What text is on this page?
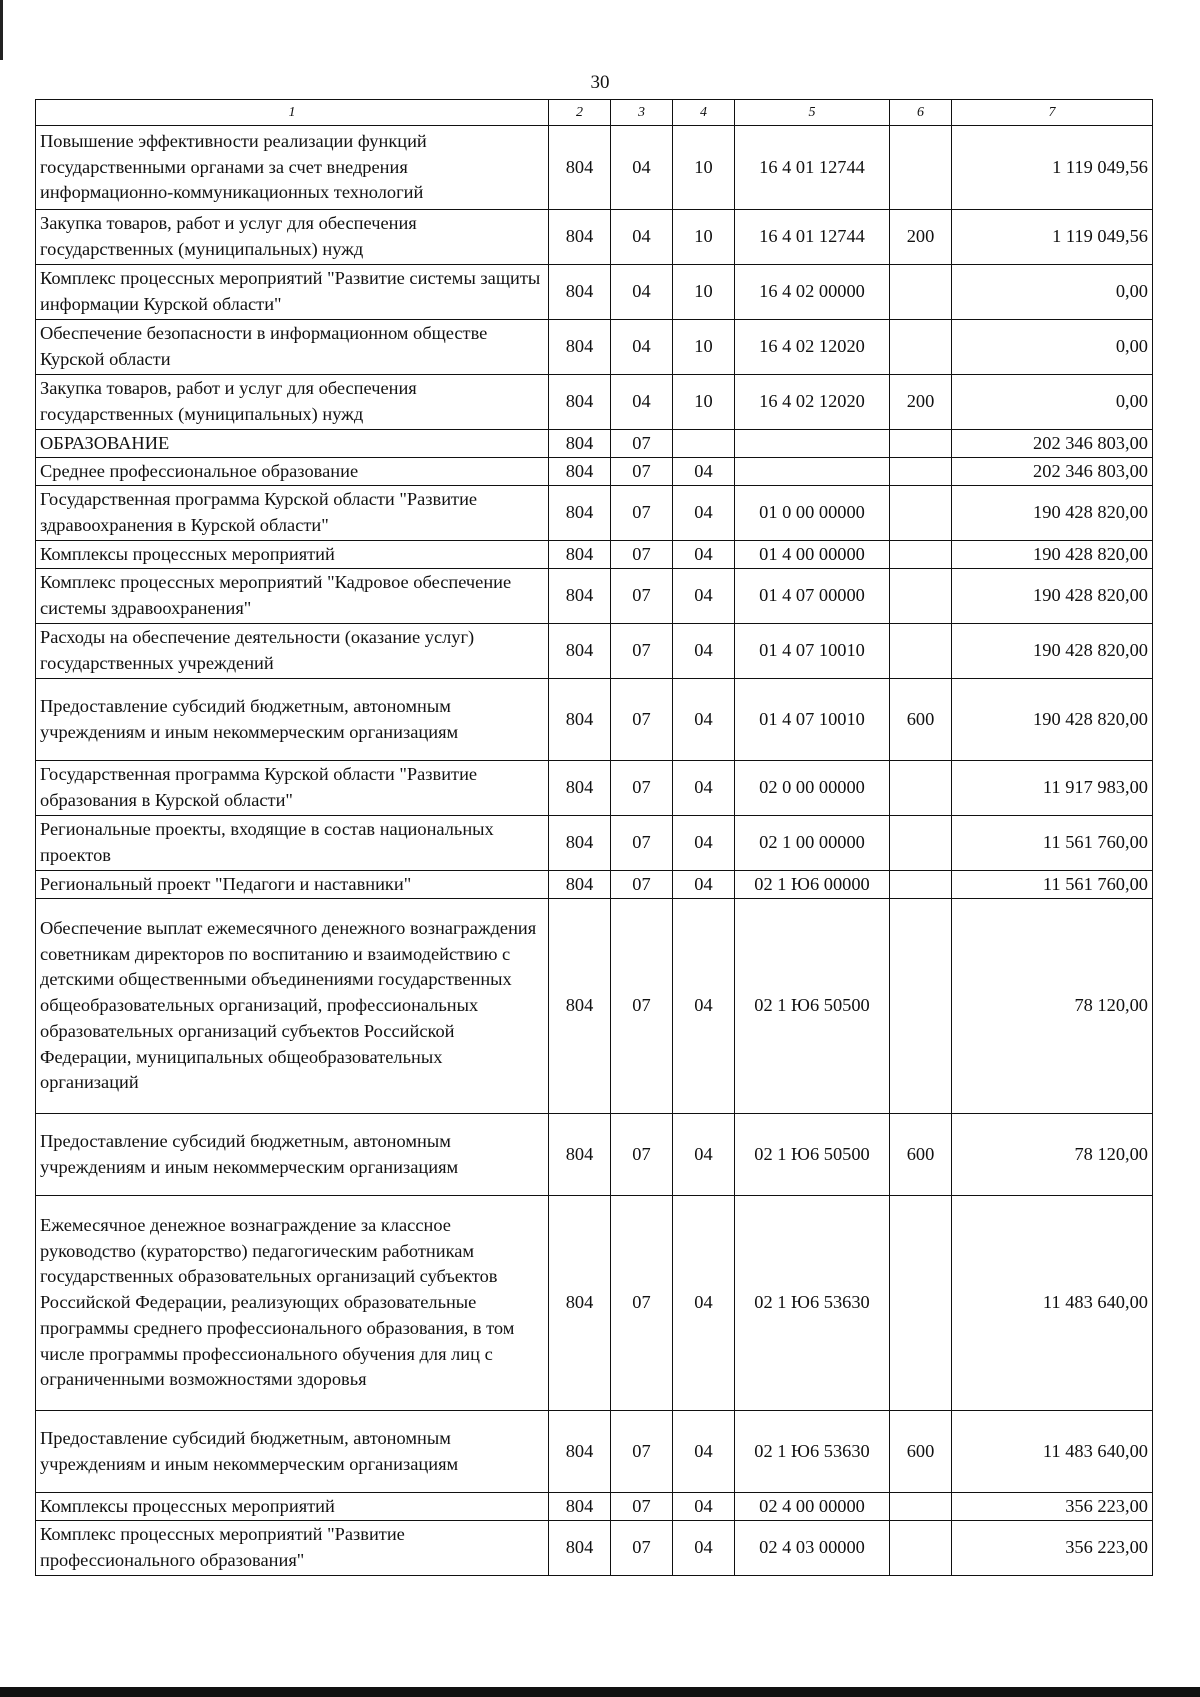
30
1	2	3	4	5	6	7
Повышение эффективности реализации функций государственными органами за счет внедрения информационно-коммуникационных технологий	804	04	10	16 4 01 12744		1 119 049,56
Закупка товаров, работ и услуг для обеспечения государственных (муниципальных) нужд	804	04	10	16 4 01 12744	200	1 119 049,56
Комплекс процессных мероприятий "Развитие системы защиты информации Курской области"	804	04	10	16 4 02 00000		0,00
Обеспечение безопасности в информационном обществе Курской области	804	04	10	16 4 02 12020		0,00
Закупка товаров, работ и услуг для обеспечения государственных (муниципальных) нужд	804	04	10	16 4 02 12020	200	0,00
ОБРАЗОВАНИЕ	804	07				202 346 803,00
Среднее профессиональное образование	804	07	04			202 346 803,00
Государственная программа Курской области "Развитие здравоохранения в Курской области"	804	07	04	01 0 00 00000		190 428 820,00
Комплексы процессных мероприятий	804	07	04	01 4 00 00000		190 428 820,00
Комплекс процессных мероприятий "Кадровое обеспечение системы здравоохранения"	804	07	04	01 4 07 00000		190 428 820,00
Расходы на обеспечение деятельности (оказание услуг) государственных учреждений	804	07	04	01 4 07 10010		190 428 820,00
Предоставление субсидий бюджетным, автономным учреждениям и иным некоммерческим организациям	804	07	04	01 4 07 10010	600	190 428 820,00
Государственная программа Курской области "Развитие образования в Курской области"	804	07	04	02 0 00 00000		11 917 983,00
Региональные проекты, входящие в состав национальных проектов	804	07	04	02 1 00 00000		11 561 760,00
Региональный проект "Педагоги и наставники"	804	07	04	02 1 Ю6 00000		11 561 760,00
Обеспечение выплат ежемесячного денежного вознаграждения советникам директоров по воспитанию и взаимодействию с детскими общественными объединениями государственных общеобразовательных организаций, профессиональных образовательных организаций субъектов Российской Федерации, муниципальных общеобразовательных организаций	804	07	04	02 1 Ю6 50500		78 120,00
Предоставление субсидий бюджетным, автономным учреждениям и иным некоммерческим организациям	804	07	04	02 1 Ю6 50500	600	78 120,00
Ежемесячное денежное вознаграждение за классное руководство (кураторство) педагогическим работникам государственных образовательных организаций субъектов Российской Федерации, реализующих образовательные программы среднего профессионального образования, в том числе программы профессионального обучения для лиц с ограниченными возможностями здоровья	804	07	04	02 1 Ю6 53630		11 483 640,00
Предоставление субсидий бюджетным, автономным учреждениям и иным некоммерческим организациям	804	07	04	02 1 Ю6 53630	600	11 483 640,00
Комплексы процессных мероприятий	804	07	04	02 4 00 00000		356 223,00
Комплекс процессных мероприятий "Развитие профессионального образования"	804	07	04	02 4 03 00000		356 223,00
